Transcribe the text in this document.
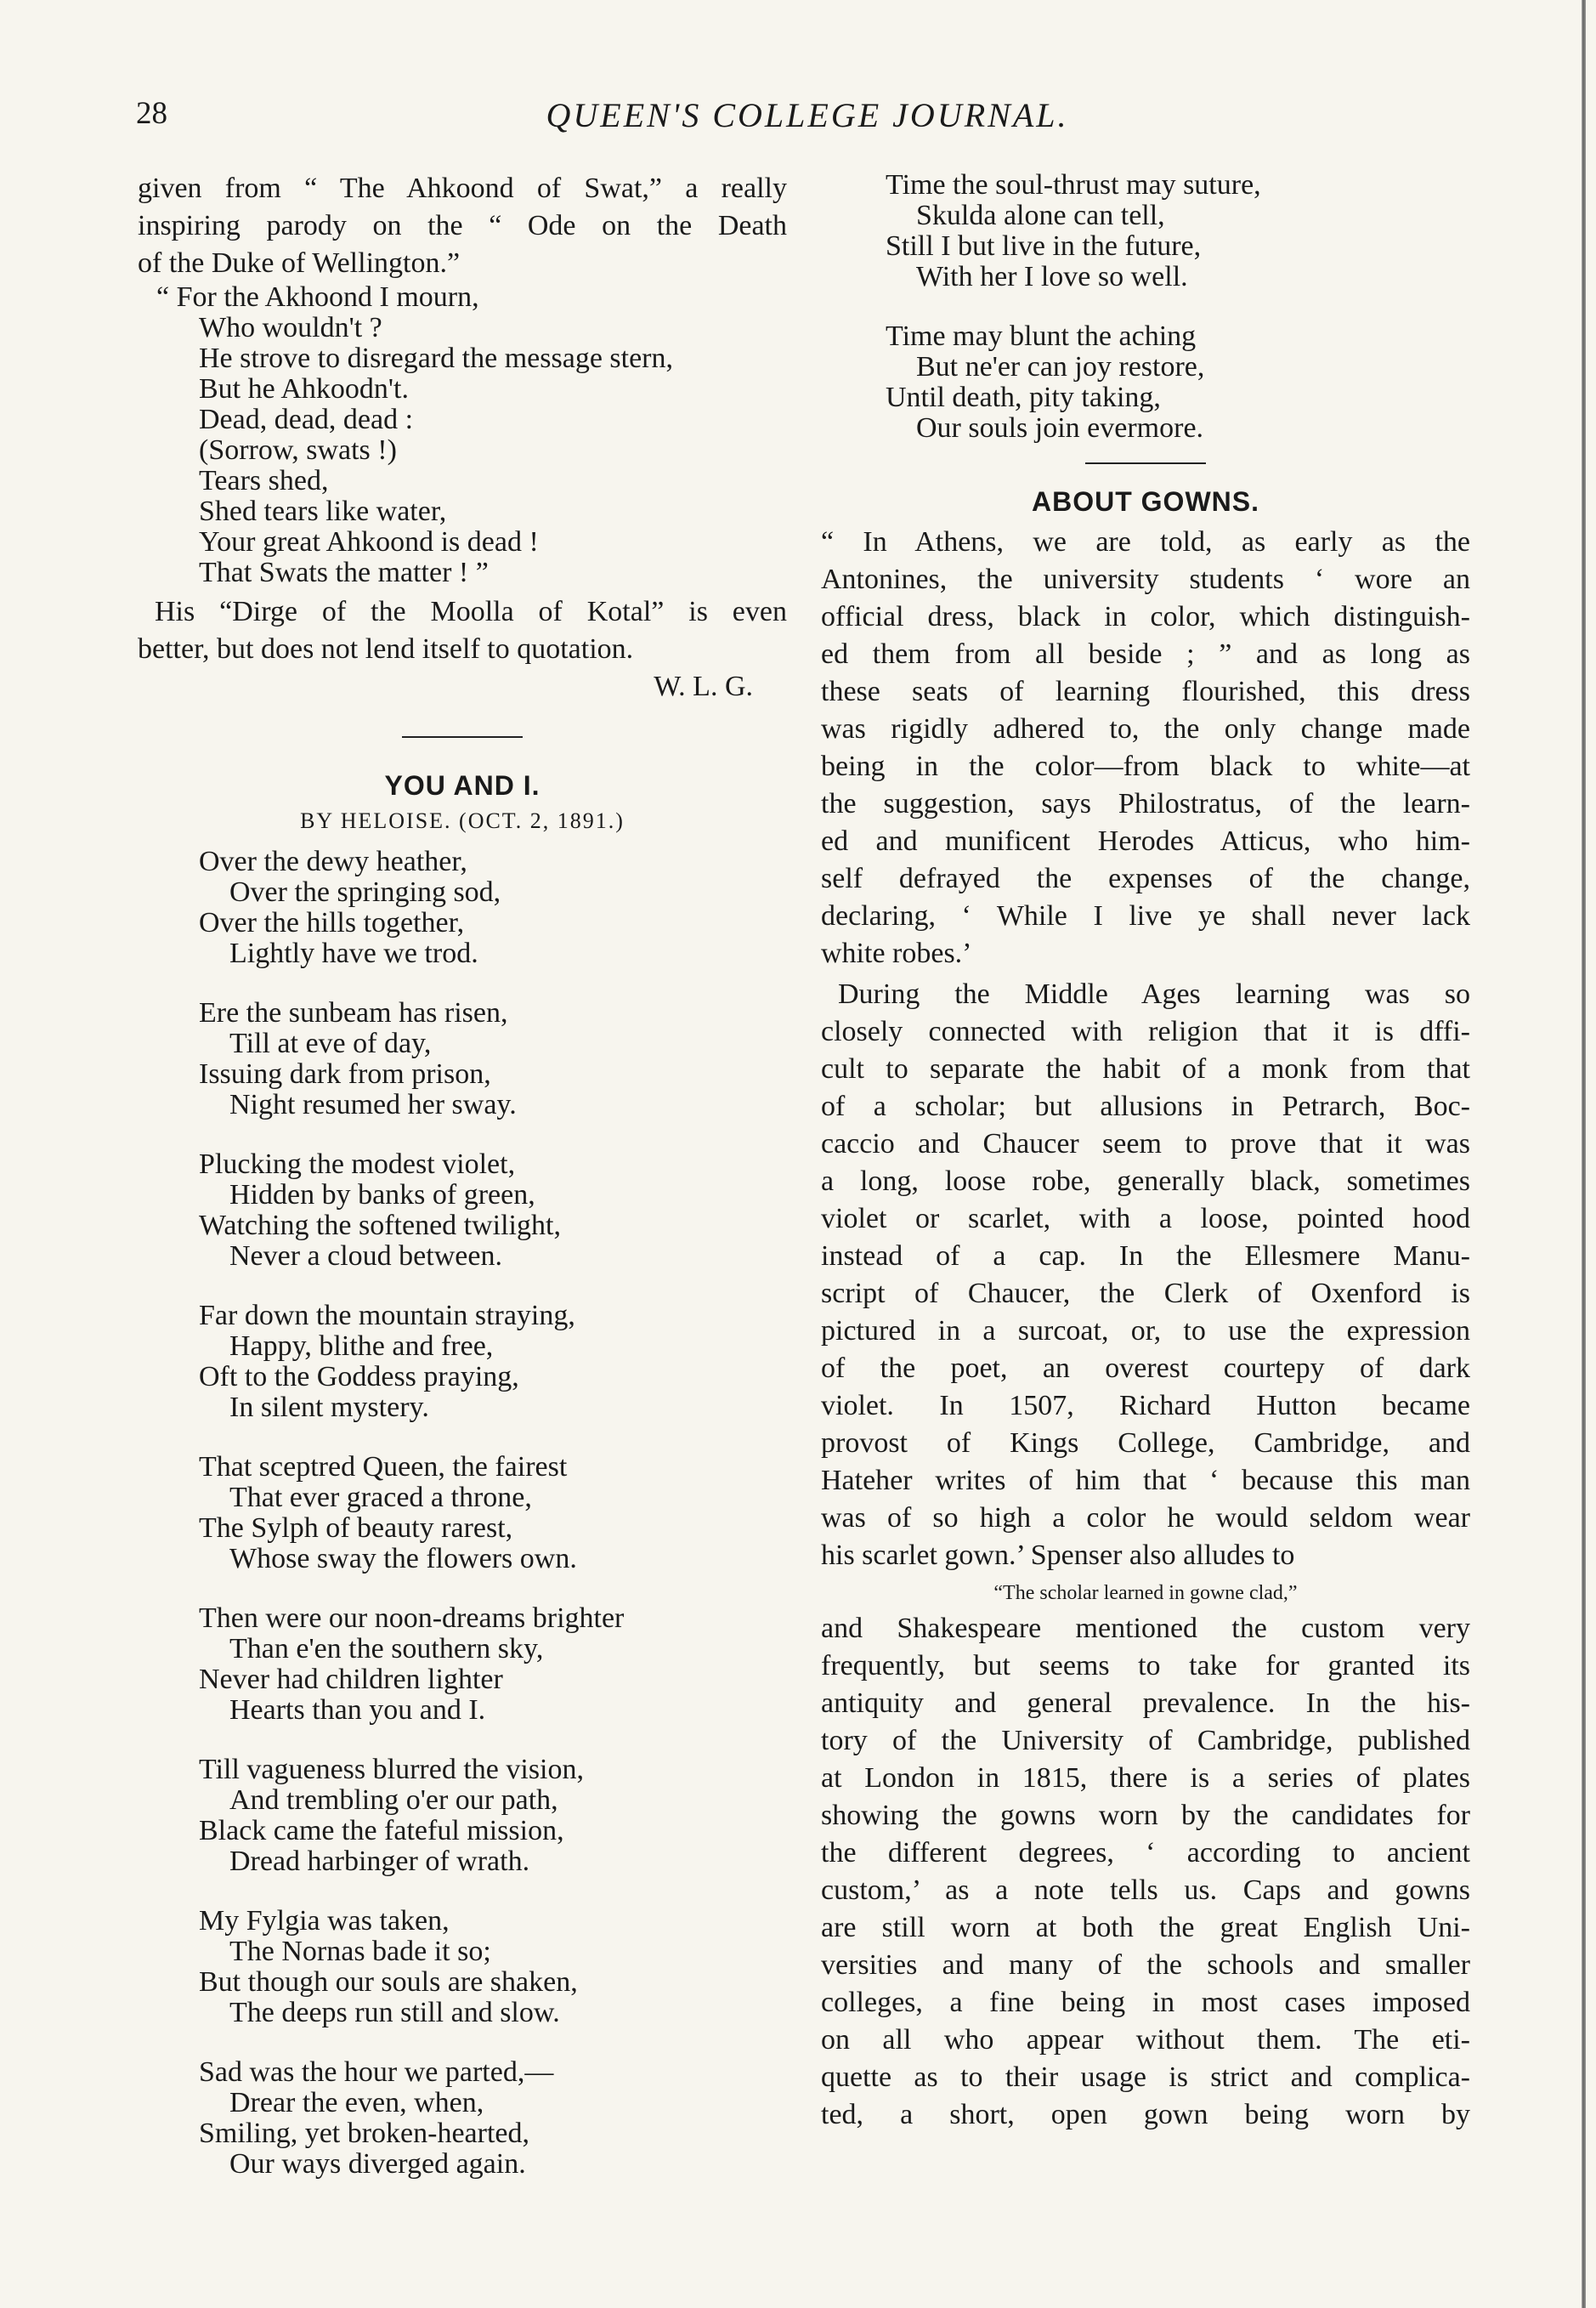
28	QUEEN'S COLLEGE JOURNAL.

given from “ The Ahkoond of Swat,” a really

inspiring parody on the “ Ode on the Death

of the Duke of Wellington.”

“ For the Akhoond I mourn,
Who wouldn't ?
He strove to disregard the message stern,
But he Ahkoodn't.
Dead, dead, dead :
(Sorrow, swats !)
Tears shed,
Shed tears like water,
Your great Ahkoond is dead !
That Swats the matter ! ”

His “Dirge of the Moolla of Kotal” is even

better, but does not lend itself to quotation.

W. L. G.

YOU AND I.
BY HELOISE. (OCT. 2, 1891.)
Over the dewy heather,
Over the springing sod,
Over the hills together,
Lightly have we trod.
Ere the sunbeam has risen,
Till at eve of day,
Issuing dark from prison,
Night resumed her sway.
Plucking the modest violet,
Hidden by banks of green,
Watching the softened twilight,
Never a cloud between.
Far down the mountain straying,
Happy, blithe and free,
Oft to the Goddess praying,
In silent mystery.
That sceptred Queen, the fairest
That ever graced a throne,
The Sylph of beauty rarest,
Whose sway the flowers own.
Then were our noon-dreams brighter
Than e'en the southern sky,
Never had children lighter
Hearts than you and I.
Till vagueness blurred the vision,
And trembling o'er our path,
Black came the fateful mission,
Dread harbinger of wrath.
My Fylgia was taken,
The Nornas bade it so;
But though our souls are shaken,
The deeps run still and slow.
Sad was the hour we parted,—
Drear the even, when,
Smiling, yet broken-hearted,
Our ways diverged again.
Time the soul-thrust may suture,
Skulda alone can tell,
Still I but live in the future,
With her I love so well.
Time may blunt the aching
But ne'er can joy restore,
Until death, pity taking,
Our souls join evermore.
ABOUT GOWNS.

“ In Athens, we are told, as early as the

Antonines, the university students ‘ wore an

official dress, black in color, which distinguish-

ed them from all beside ; ” and as long as

these seats of learning flourished, this dress

was rigidly adhered to, the only change made

being in the color—from black to white—at

the suggestion, says Philostratus, of the learn-

ed and munificent Herodes Atticus, who him-

self defrayed the expenses of the change,

declaring, ‘ While I live ye shall never lack

white robes.’

During the Middle Ages learning was so

closely connected with religion that it is dffi-

cult to separate the habit of a monk from that

of a scholar; but allusions in Petrarch, Boc-

caccio and Chaucer seem to prove that it was

a long, loose robe, generally black, sometimes

violet or scarlet, with a loose, pointed hood

instead of a cap. In the Ellesmere Manu-

script of Chaucer, the Clerk of Oxenford is

pictured in a surcoat, or, to use the expression

of the poet, an overest courtepy of dark

violet. In 1507, Richard Hutton became

provost of Kings College, Cambridge, and

Hateher writes of him that ‘ because this man

was of so high a color he would seldom wear

his scarlet gown.’ Spenser also alludes to

“The scholar learned in gowne clad,”

and Shakespeare mentioned the custom very

frequently, but seems to take for granted its

antiquity and general prevalence. In the his-

tory of the University of Cambridge, published

at London in 1815, there is a series of plates

showing the gowns worn by the candidates for

the different degrees, ‘ according to ancient

custom,’ as a note tells us. Caps and gowns

are still worn at both the great English Uni-

versities and many of the schools and smaller

colleges, a fine being in most cases imposed

on all who appear without them. The eti-

quette as to their usage is strict and complica-

ted, a short, open gown being worn by
